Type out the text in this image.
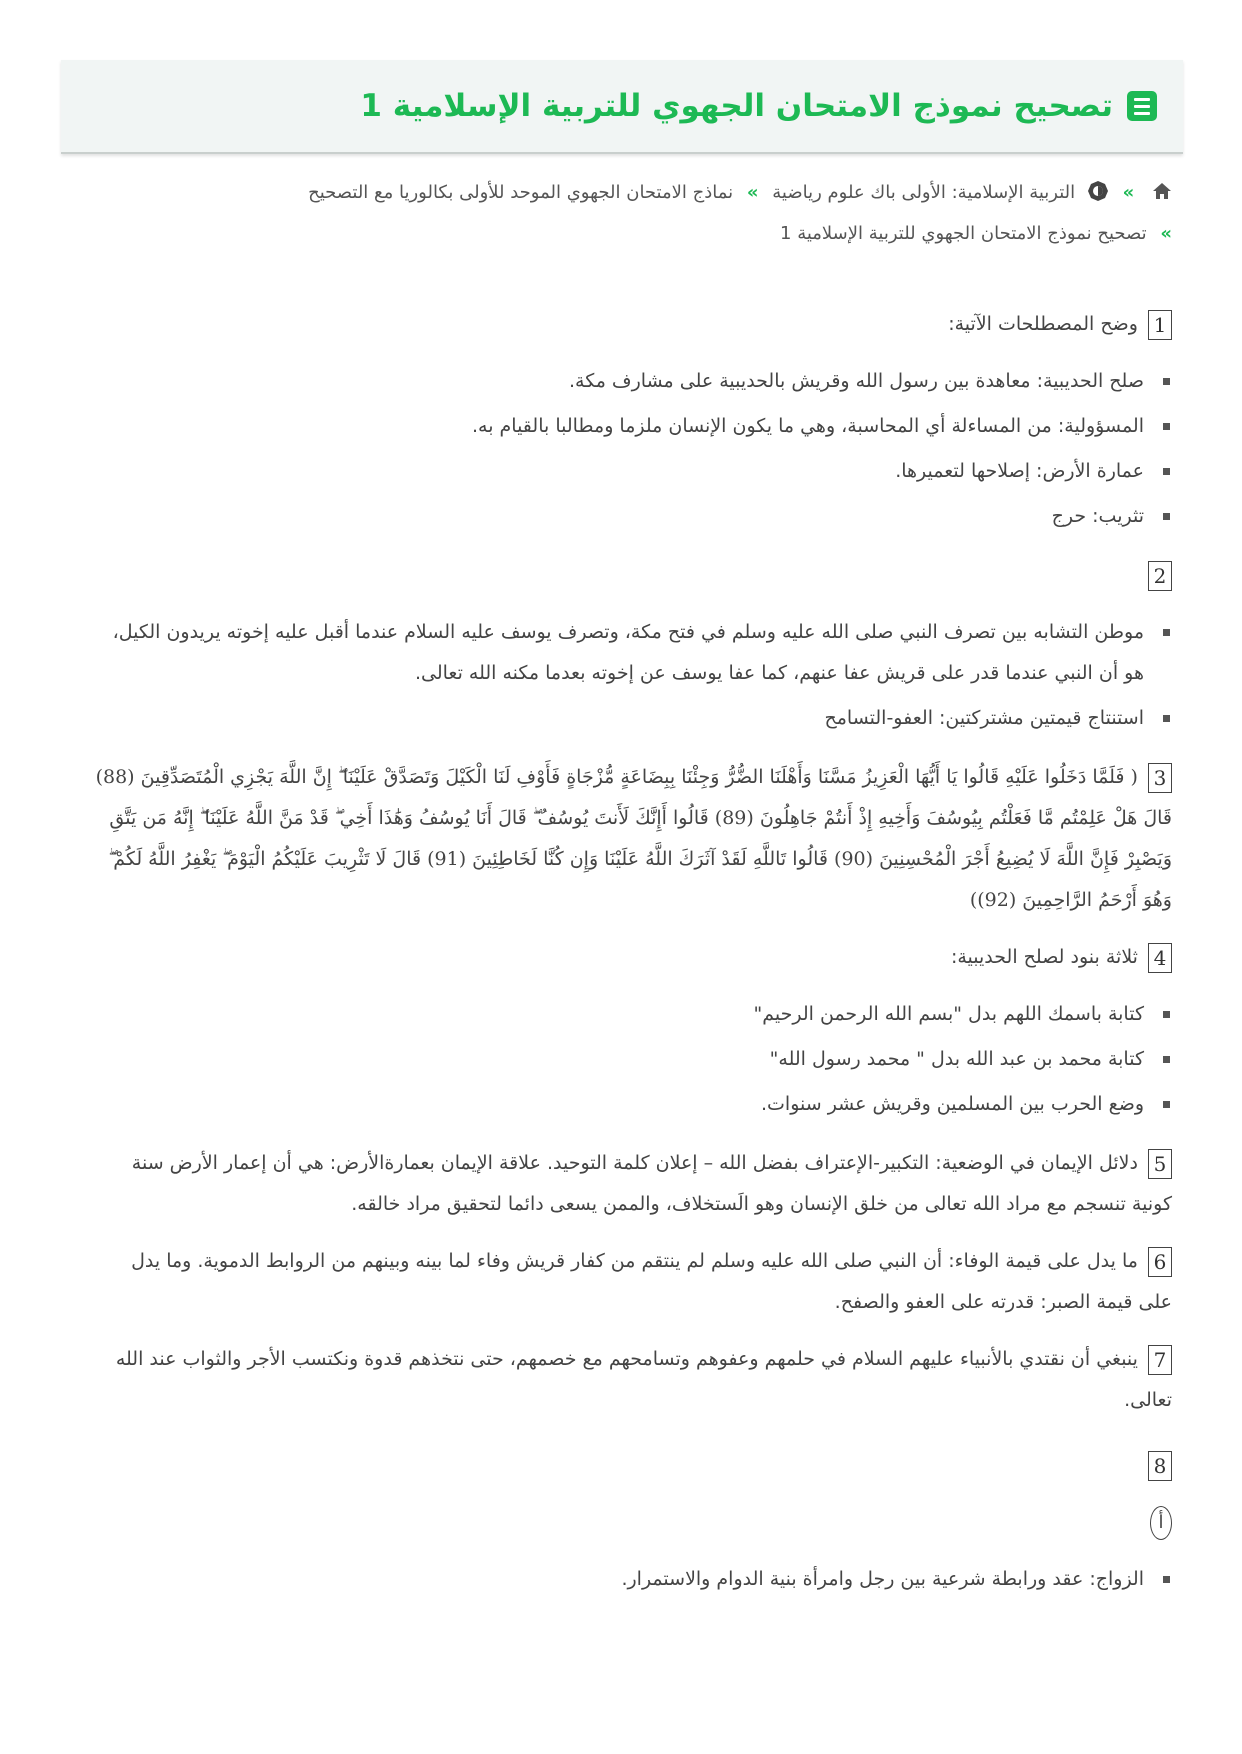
تصحيح نموذج الامتحان الجهوي للتربية الإسلامية 1
»  التربية الإسلامية: الأولى باك علوم رياضية » نماذج الامتحان الجهوي الموحد للأولى بكالوريا مع التصحيح
» تصحيح نموذج الامتحان الجهوي للتربية الإسلامية 1
1 وضح المصطلحات الآتية:
صلح الحديبية: معاهدة بين رسول الله وقريش بالحديبية على مشارف مكة.
المسؤولية: من المساءلة أي المحاسبة، وهي ما يكون الإنسان ملزما ومطالبا بالقيام به.
عمارة الأرض: إصلاحها لتعميرها.
تثريب: حرج
2
موطن التشابه بين تصرف النبي صلى الله عليه وسلم في فتح مكة، وتصرف يوسف عليه السلام عندما أقبل عليه إخوته يريدون الكيل، هو أن النبي عندما قدر على قريش عفا عنهم، كما عفا يوسف عن إخوته بعدما مكنه الله تعالى.
استنتاج قيمتين مشتركتين: العفو-التسامح
3 ( فَلَمَّا دَخَلُوا عَلَيْهِ قَالُوا يَا أَيُّهَا الْعَزِيزُ مَسَّنَا وَأَهْلَنَا الضُّرُّ وَجِئْنَا بِبِضَاعَةٍ مُّزْجَاةٍ فَأَوْفِ لَنَا الْكَيْلَ وَتَصَدَّقْ عَلَيْنَا ۖ إِنَّ اللَّهَ يَجْزِي الْمُتَصَدِّقِينَ (88) قَالَ هَلْ عَلِمْتُم مَّا فَعَلْتُم بِيُوسُفَ وَأَخِيهِ إِذْ أَنتُمْ جَاهِلُونَ (89) قَالُوا أَإِنَّكَ لَأَنتَ يُوسُفُ ۖ قَالَ أَنَا يُوسُفُ وَهَٰذَا أَخِي ۖ قَدْ مَنَّ اللَّهُ عَلَيْنَا ۖ إِنَّهُ مَن يَتَّقِ وَيَصْبِرْ فَإِنَّ اللَّهَ لَا يُضِيعُ أَجْرَ الْمُحْسِنِينَ (90) قَالُوا تَاللَّهِ لَقَدْ آثَرَكَ اللَّهُ عَلَيْنَا وَإِن كُنَّا لَخَاطِئِينَ (91) قَالَ لَا تَثْرِيبَ عَلَيْكُمُ الْيَوْمَ ۖ يَغْفِرُ اللَّهُ لَكُمْ ۖ وَهُوَ أَرْحَمُ الرَّاحِمِينَ (92))
4 ثلاثة بنود لصلح الحديبية:
كتابة باسمك اللهم بدل "بسم الله الرحمن الرحيم"
كتابة محمد بن عبد الله بدل " محمد رسول الله"
وضع الحرب بين المسلمين وقريش عشر سنوات.
5 دلائل الإيمان في الوضعية: التكبير-الإعتراف بفضل الله – إعلان كلمة التوحيد. علاقة الإيمان بعمارةالأرض: هي أن إعمار الأرض سنة كونية تنسجم مع مراد الله تعالى من خلق الإنسان وهو الَستخلاف، والممن يسعى دائما لتحقيق مراد خالقه.
6 ما يدل على قيمة الوفاء: أن النبي صلى الله عليه وسلم لم ينتقم من كفار قريش وفاء لما بينه وبينهم من الروابط الدموية. وما يدل على قيمة الصبر: قدرته على العفو والصفح.
7 ينبغي أن نقتدي بالأنبياء عليهم السلام في حلمهم وعفوهم وتسامحهم مع خصمهم، حتى نتخذهم قدوة ونكتسب الأجر والثواب عند الله تعالى.
8
أ
الزواج: عقد ورابطة شرعية بين رجل وامرأة بنية الدوام والاستمرار.
